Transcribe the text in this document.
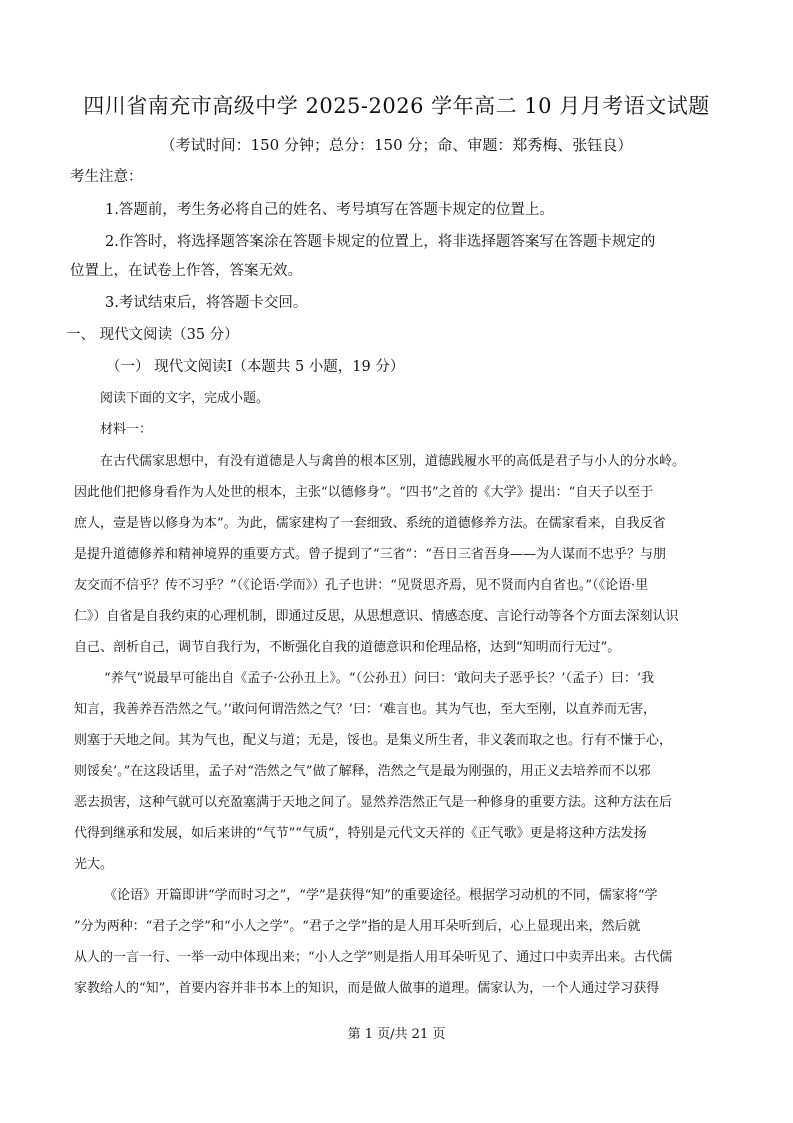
四川省南充市高级中学 2025-2026 学年高二 10 月月考语文试题
（考试时间：150 分钟；总分：150 分；命、审题：郑秀梅、张钰良）
考生注意：
1.答题前，考生务必将自己的姓名、考号填写在答题卡规定的位置上。
2.作答时，将选择题答案涂在答题卡规定的位置上，将非选择题答案写在答题卡规定的
位置上，在试卷上作答，答案无效。
3.考试结束后，将答题卡交回。
一、 现代文阅读（35 分）
（一） 现代文阅读Ⅰ（本题共 5 小题，19 分）
阅读下面的文字，完成小题。
材料一：
在古代儒家思想中，有没有道德是人与禽兽的根本区别，道德践履水平的高低是君子与小人的分水岭。
因此他们把修身看作为人处世的根本，主张“以德修身”。“四书”之首的《大学》提出：“自天子以至于
庶人，壹是皆以修身为本”。为此，儒家建构了一套细致、系统的道德修养方法。在儒家看来，自我反省
是提升道德修养和精神境界的重要方式。曾子提到了“三省”：“吾日三省吾身——为人谋而不忠乎？与朋
友交而不信乎？传不习乎？”（《论语·学而》）孔子也讲：“见贤思齐焉，见不贤而内自省也。”（《论语·里
仁》）自省是自我约束的心理机制，即通过反思，从思想意识、情感态度、言论行动等各个方面去深刻认识
自己、剖析自己，调节自我行为，不断强化自我的道德意识和伦理品格，达到“知明而行无过”。
“养气”说最早可能出自《孟子·公孙丑上》。“（公孙丑）问曰：‘敢问夫子恶乎长？’（孟子）曰：‘我
知言，我善养吾浩然之气。’‘敢问何谓浩然之气？’曰：‘难言也。其为气也，至大至刚，以直养而无害，
则塞于天地之间。其为气也，配义与道；无是，馁也。是集义所生者，非义袭而取之也。行有不慊于心，
则馁矣’。”在这段话里，孟子对“浩然之气”做了解释，浩然之气是最为刚强的，用正义去培养而不以邪
恶去损害，这种气就可以充盈塞满于天地之间了。显然养浩然正气是一种修身的重要方法。这种方法在后
代得到继承和发展，如后来讲的“气节”“气质”，特别是元代文天祥的《正气歌》更是将这种方法发扬
光大。
《论语》开篇即讲“学而时习之”，“学”是获得“知”的重要途径。根据学习动机的不同，儒家将“学
”分为两种：“君子之学”和“小人之学”。“君子之学”指的是人用耳朵听到后，心上显现出来，然后就
从人的一言一行、一举一动中体现出来；“小人之学”则是指人用耳朵听见了、通过口中卖弄出来。古代儒
家教给人的“知”，首要内容并非书本上的知识，而是做人做事的道理。儒家认为，一个人通过学习获得
第 1 页/共 21 页
